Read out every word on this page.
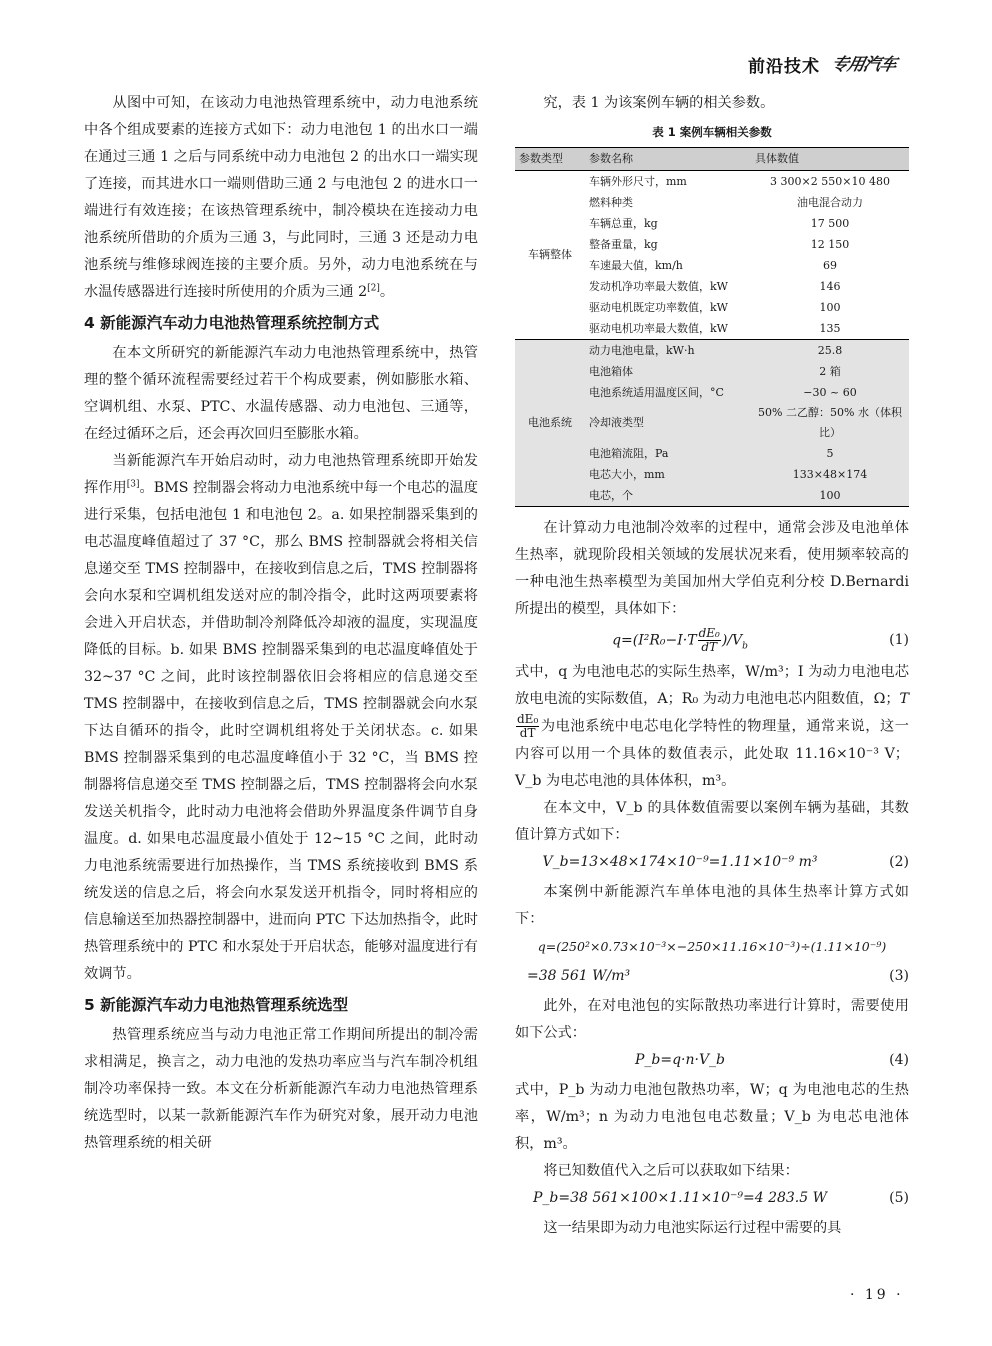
前沿技术 专用汽车

从图中可知，在该动力电池热管理系统中，动力电池系统中各个组成要素的连接方式如下：动力电池包 1 的出水口一端在通过三通 1 之后与同系统中动力电池包 2 的出水口一端实现了连接，而其进水口一端则借助三通 2 与电池包 2 的进水口一端进行有效连接；在该热管理系统中，制冷模块在连接动力电池系统所借助的介质为三通 3，与此同时，三通 3 还是动力电池系统与维修球阀连接的主要介质。另外，动力电池系统在与水温传感器进行连接时所使用的介质为三通 2[2]。

4 新能源汽车动力电池热管理系统控制方式

在本文所研究的新能源汽车动力电池热管理系统中，热管理的整个循环流程需要经过若干个构成要素，例如膨胀水箱、空调机组、水泵、PTC、水温传感器、动力电池包、三通等，在经过循环之后，还会再次回归至膨胀水箱。

当新能源汽车开始启动时，动力电池热管理系统即开始发挥作用[3]。BMS 控制器会将动力电池系统中每一个电芯的温度进行采集，包括电池包 1 和电池包 2。a. 如果控制器采集到的电芯温度峰值超过了 37 °C，那么 BMS 控制器就会将相关信息递交至 TMS 控制器中，在接收到信息之后，TMS 控制器将会向水泵和空调机组发送对应的制冷指令，此时这两项要素将会进入开启状态，并借助制冷剂降低冷却液的温度，实现温度降低的目标。b. 如果 BMS 控制器采集到的电芯温度峰值处于 32~37 °C 之间，此时该控制器依旧会将相应的信息递交至 TMS 控制器中，在接收到信息之后，TMS 控制器就会向水泵下达自循环的指令，此时空调机组将处于关闭状态。c. 如果 BMS 控制器采集到的电芯温度峰值小于 32 °C，当 BMS 控制器将信息递交至 TMS 控制器之后，TMS 控制器将会向水泵发送关机指令，此时动力电池将会借助外界温度条件调节自身温度。d. 如果电芯温度最小值处于 12~15 °C 之间，此时动力电池系统需要进行加热操作，当 TMS 系统接收到 BMS 系统发送的信息之后，将会向水泵发送开机指令，同时将相应的信息输送至加热器控制器中，进而向 PTC 下达加热指令，此时热管理系统中的 PTC 和水泵处于开启状态，能够对温度进行有效调节。

5 新能源汽车动力电池热管理系统选型

热管理系统应当与动力电池正常工作期间所提出的制冷需求相满足，换言之，动力电池的发热功率应当与汽车制冷机组制冷功率保持一致。本文在分析新能源汽车动力电池热管理系统选型时，以某一款新能源汽车作为研究对象，展开动力电池热管理系统的相关研

究，表 1 为该案例车辆的相关参数。

表 1 案例车辆相关参数
参数类型	参数名称	具体数值
车辆整体	车辆外形尺寸，mm	3 300×2 550×10 480
	燃料种类	油电混合动力
	车辆总重，kg	17 500
	整备重量，kg	12 150
	车速最大值，km/h	69
	发动机净功率最大数值，kW	146
	驱动电机既定功率数值，kW	100
	驱动电机功率最大数值，kW	135
电池系统	动力电池电量，kW·h	25.8
	电池箱体	2 箱
	电池系统适用温度区间，°C	−30 ~ 60
	冷却液类型	50% 二乙醇：50% 水（体积比）
	电池箱流阻，Pa	5
	电芯大小，mm	133×48×174
	电芯，个	100

在计算动力电池制冷效率的过程中，通常会涉及电池单体生热率，就现阶段相关领域的发展状况来看，使用频率较高的一种电池生热率模型为美国加州大学伯克利分校 D.Bernardi 所提出的模型，具体如下：

$q=(I^2R_0-I\cdot T \frac{\text{dE₀}}{dT} )/V_b$	(1)

式中，q 为电池电芯的实际生热率，W/m³；I 为动力电池电芯放电电流的实际数值，A；R₀ 为动力电池电芯内阻数值，Ω；T
$\frac{\text{dE₀}}{dT}$ 为电池系统中电芯电化学特性的物理量，通常来说，这一内容可以用一个具体的数值表示，此处取 11.16×10⁻³ V；V_b 为电芯电池的具体体积，m³。

在本文中，V_b 的具体数值需要以案例车辆为基础，其数值计算方式如下：

V_b=13×48×174×10⁻⁹=1.11×10⁻⁹ m³	(2)

本案例中新能源汽车单体电池的具体生热率计算方式如下：

q=(250²×0.73×10⁻³×−250×11.16×10⁻³)÷(1.11×10⁻⁹)
=38 561 W/m³	(3)

此外，在对电池包的实际散热功率进行计算时，需要使用如下公式：

P_b=q·n·V_b	(4)

式中，P_b 为动力电池包散热功率，W；q 为电池电芯的生热率，W/m³；n 为动力电池包电芯数量；V_b 为电芯电池体积，m³。

将已知数值代入之后可以获取如下结果：

P_b=38 561×100×1.11×10⁻⁹=4 283.5 W	(5)

这一结果即为动力电池实际运行过程中需要的具

· 19 ·
